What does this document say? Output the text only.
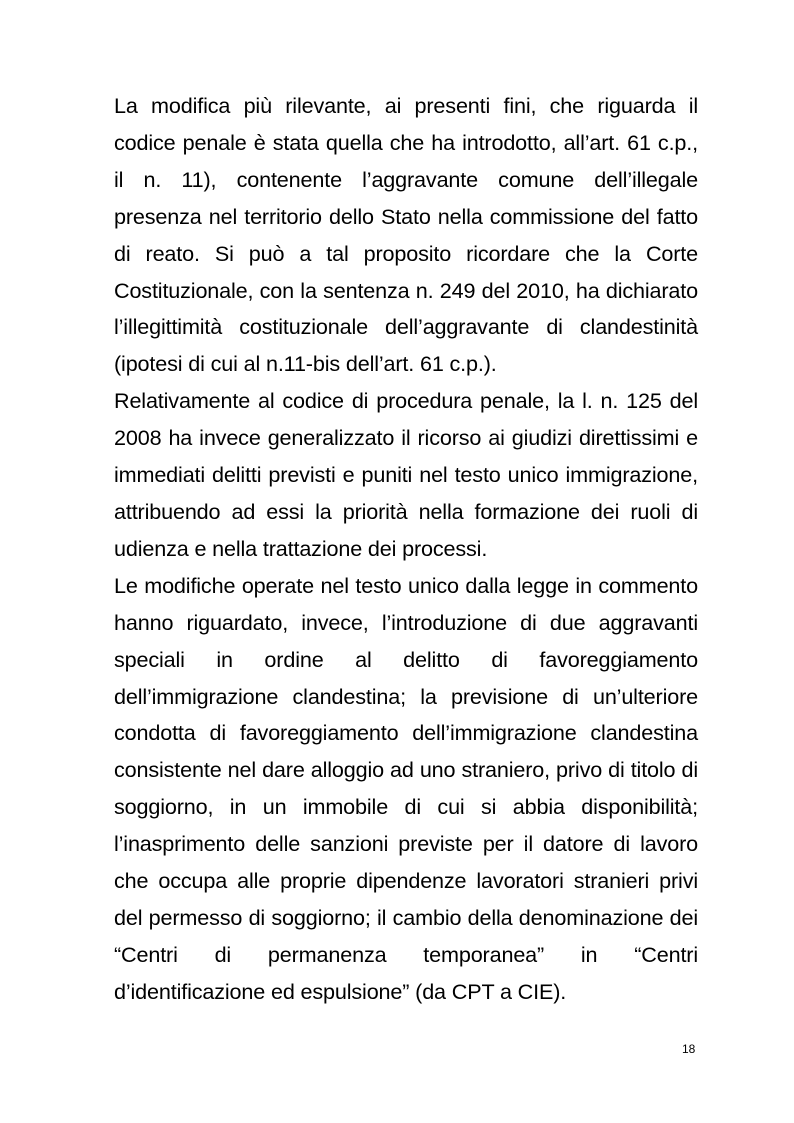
La modifica più rilevante, ai presenti fini, che riguarda il
codice penale è stata quella che ha introdotto, all’art. 61 c.p.,
il n. 11), contenente l’aggravante comune dell’illegale
presenza nel territorio dello Stato nella commissione del fatto
di reato. Si può a tal proposito ricordare che la Corte
Costituzionale, con la sentenza n. 249 del 2010, ha dichiarato
l’illegittimità costituzionale dell’aggravante di clandestinità
(ipotesi di cui al n.11-bis dell’art. 61 c.p.).

Relativamente al codice di procedura penale, la l. n. 125 del
2008 ha invece generalizzato il ricorso ai giudizi direttissimi e
immediati delitti previsti e puniti nel testo unico immigrazione,
attribuendo ad essi la priorità nella formazione dei ruoli di
udienza e nella trattazione dei processi.

Le modifiche operate nel testo unico dalla legge in commento
hanno riguardato, invece, l’introduzione di due aggravanti
speciali in ordine al delitto di favoreggiamento
dell’immigrazione clandestina; la previsione di un’ulteriore
condotta di favoreggiamento dell’immigrazione clandestina
consistente nel dare alloggio ad uno straniero, privo di titolo di
soggiorno, in un immobile di cui si abbia disponibilità;
l’inasprimento delle sanzioni previste per il datore di lavoro
che occupa alle proprie dipendenze lavoratori stranieri privi
del permesso di soggiorno; il cambio della denominazione dei
“Centri di permanenza temporanea” in “Centri
d’identificazione ed espulsione” (da CPT a CIE).

18
